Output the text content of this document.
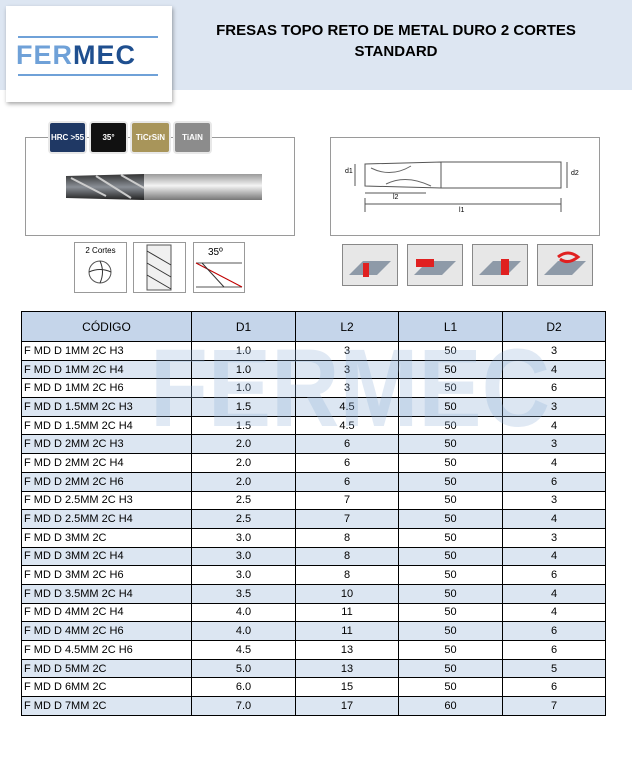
FERMEC
FRESAS TOPO RETO DE METAL DURO 2 CORTES
STANDARD
HRC >55 35°	TiCrSiN TiAlN
2 Cortes	35º
d1
l2
l1
d2
CÓDIGO	D1	L2	L1	D2
F MD D 1MM 2C H3	1.0	3	50	3
F MD D 1MM 2C H4	1.0	3	50	4
F MD D 1MM 2C H6	1.0	3	50	6
F MD D 1.5MM 2C H3	1.5	4.5	50	3
F MD D 1.5MM 2C H4	1.5	4.5	50	4
F MD D 2MM 2C H3	2.0	6	50	3
F MD D 2MM 2C H4	2.0	6	50	4
F MD D 2MM 2C H6	2.0	6	50	6
F MD D 2.5MM 2C H3	2.5	7	50	3
F MD D 2.5MM 2C H4	2.5	7	50	4
F MD D 3MM 2C	3.0	8	50	3
F MD D 3MM 2C H4	3.0	8	50	4
F MD D 3MM 2C H6	3.0	8	50	6
F MD D 3.5MM 2C H4	3.5	10	50	4
F MD D 4MM 2C H4	4.0	11	50	4
F MD D 4MM 2C H6	4.0	11	50	6
F MD D 4.5MM 2C H6	4.5	13	50	6
F MD D 5MM 2C	5.0	13	50	5
F MD D 6MM 2C	6.0	15	50	6
F MD D 7MM 2C	7.0	17	60	7
FERMEC
